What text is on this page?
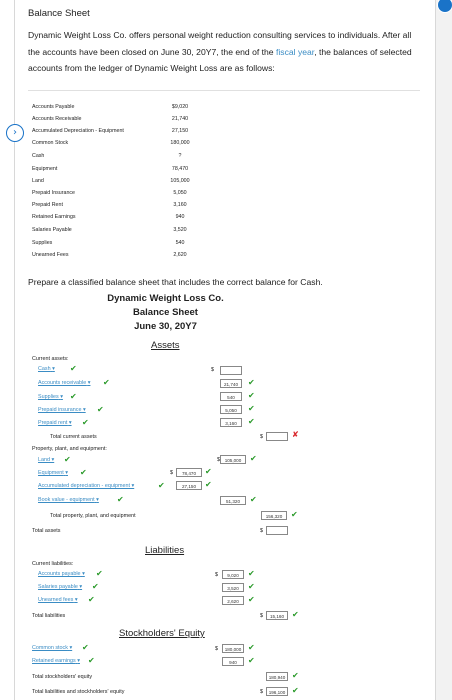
Balance Sheet
Dynamic Weight Loss Co. offers personal weight reduction consulting services to individuals. After all the accounts have been closed on June 30, 20Y7, the end of the fiscal year, the balances of selected accounts from the ledger of Dynamic Weight Loss are as follows:
›
Accounts Payable	$9,020
Accounts Receivable	21,740
Accumulated Depreciation - Equipment	27,150
Common Stock	180,000
Cash	?
Equipment	78,470
Land	105,000
Prepaid Insurance	5,050
Prepaid Rent	3,160
Retained Earnings	940
Salaries Payable	3,520
Supplies	540
Unearned Fees	2,620
Prepare a classified balance sheet that includes the correct balance for Cash.
Dynamic Weight Loss Co.
Balance Sheet
June 30, 20Y7
Assets
Current assets:
Cash ▾ ✔	$
Accounts receivable ▾ ✔	21,740	✔
Supplies ▾ ✔	540	✔
Prepaid insurance ▾ ✔	5,050	✔
Prepaid rent ▾ ✔	3,160	✔
Total current assets	$	✘
Property, plant, and equipment:
Land ▾ ✔	$	105,000	✔
Equipment ▾ ✔	$	78,470	✔
Accumulated depreciation - equipment ▾	✔	27,150	✔
Book value - equipment ▾ ✔	51,320	✔
Total property, plant, and equipment	156,320	✔
Total assets	$
Liabilities
Current liabilities:
Accounts payable ▾ ✔	$	9,020	✔
Salaries payable ▾ ✔	3,520	✔
Unearned fees ▾ ✔	2,620	✔
Total liabilities	$	15,160 ✔
Stockholders' Equity
Common stock ▾ ✔	$	180,000 ✔
Retained earnings ▾ ✔	940	✔
Total stockholders' equity	180,940 ✔
Total liabilities and stockholders' equity	$	196,100 ✔
